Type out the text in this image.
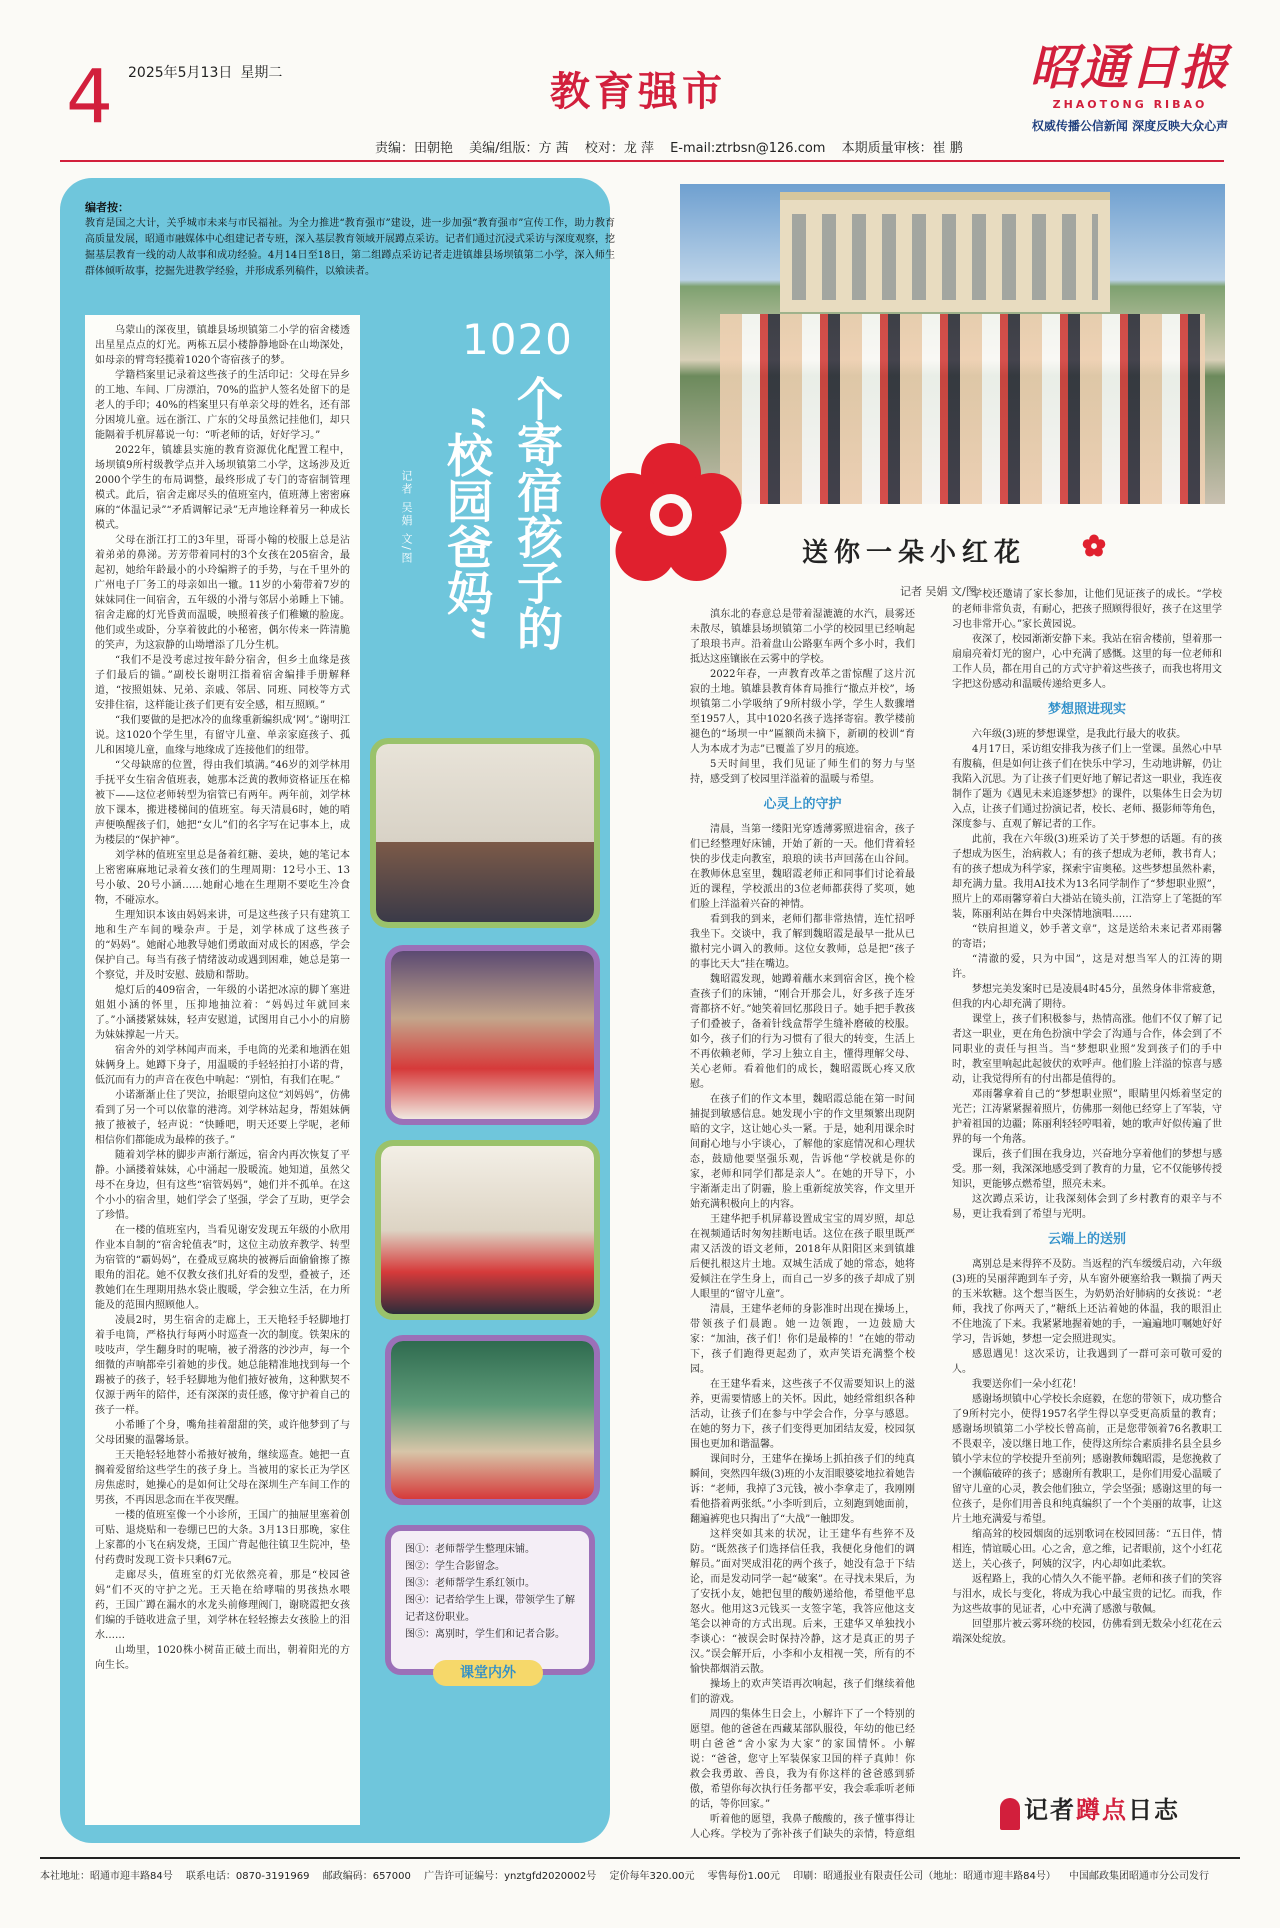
4 2025年5月13日 星期二	教育强市	昭通日报
ZHAOTONG RIBAO
权威传播公信新闻 深度反映大众心声
责编：田朝艳 美编/组版：方 茜 校对：龙 萍 E-mail:ztrbsn@126.com 本期质量审核：崔 鹏
编者按：
教育是国之大计，关乎城市未来与市民福祉。为全力推进“教育强市”建设，进一步加强“教育强市”宣传工作，助力教育高质量发展，昭通市融媒体中心组建记者专班，深入基层教育领域开展蹲点采访。记者们通过沉浸式采访与深度观察，挖掘基层教育一线的动人故事和成功经验。4月14日至18日，第二组蹲点采访记者走进镇雄县场坝镇第二小学，深入师生群体倾听故事，挖掘先进教学经验，并形成系列稿件，以飨读者。

乌蒙山的深夜里，镇雄县场坝镇第二小学的宿舍楼透出星星点点的灯光。两栋五层小楼静静地卧在山坳深处，如母亲的臂弯轻揽着1020个寄宿孩子的梦。

学籍档案里记录着这些孩子的生活印记：父母在异乡的工地、车间、厂房漂泊，70%的监护人签名处留下的是老人的手印；40%的档案里只有单亲父母的姓名，还有部分困境儿童。远在浙江、广东的父母虽然记挂他们，却只能隔着手机屏幕说一句：“听老师的话，好好学习。”

2022年，镇雄县实施的教育资源优化配置工程中，场坝镇9所村级教学点并入场坝镇第二小学，这场涉及近2000个学生的布局调整，最终形成了专门的寄宿制管理模式。此后，宿舍走廊尽头的值班室内，值班薄上密密麻麻的“体温记录”“矛盾调解记录”无声地诠释着另一种成长模式。

父母在浙江打工的3年里，哥哥小翰的校服上总是沾着弟弟的鼻涕。芳芳带着同村的3个女孩在205宿舍，最起初，她给年龄最小的小玲编辫子的手势，与在千里外的广州电子厂务工的母亲如出一辙。11岁的小菊带着7岁的妹妹同住一间宿舍，五年级的小滑与邻居小弟睡上下铺。宿舍走廊的灯光昏黄而温暖，映照着孩子们稚嫩的脸庞。他们或坐或卧，分享着彼此的小秘密，偶尔传来一阵清脆的笑声，为这寂静的山坳增添了几分生机。

“我们不是没考虑过按年龄分宿舍，但乡土血缘是孩子们最后的锚。”副校长谢明江指着宿舍编排手册解释道，“按照姐妹、兄弟、亲戚、邻居、同班、同校等方式安排住宿，这样能让孩子们更有安全感，相互照顾。”

“我们要做的是把冰冷的血缘重新编织成‘网’。”谢明江说。这1020个学生里，有留守儿童、单亲家庭孩子、孤儿和困境儿童，血缘与地缘成了连接他们的纽带。

“父母缺席的位置，得由我们填满。”46岁的刘学林用手抚平女生宿舍值班表，她那本泛黄的教师资格证压在棉被下——这位老师转型为宿管已有两年。两年前，刘学林放下课本，搬进楼梯间的值班室。每天清晨6时，她的哨声便唤醒孩子们，她把“女儿”们的名字写在记事本上，成为楼层的“保护神”。

刘学林的值班室里总是备着红糖、姜块，她的笔记本上密密麻麻地记录着女孩们的生理周期：12号小王、13号小敏、20号小涵……她耐心地在生理期不要吃生冷食物，不碰凉水。

生理知识本该由妈妈来讲，可是这些孩子只有建筑工地和生产车间的噪杂声。于是，刘学林成了这些孩子的“妈妈”。她耐心地教导她们勇敢面对成长的困惑，学会保护自己。每当有孩子情绪波动或遇到困难，她总是第一个察觉，并及时安慰、鼓励和帮助。

熄灯后的409宿舍，一年级的小诺把冰凉的脚丫塞进姐姐小涵的怀里，压抑地抽泣着：“妈妈过年就回来了。”小涵搂紧妹妹，轻声安慰道，试图用自己小小的肩膀为妹妹撑起一片天。

宿舍外的刘学林闻声而来，手电筒的光柔和地洒在姐妹俩身上。她蹲下身子，用温暖的手轻轻拍打小诺的背，低沉而有力的声音在夜色中响起：“别怕，有我们在呢。”

小诺渐渐止住了哭泣，抬眼望向这位“刘妈妈”，仿佛看到了另一个可以依靠的港湾。刘学林站起身，帮姐妹俩掖了掖被子，轻声说：“快睡吧，明天还要上学呢，老师相信你们都能成为最棒的孩子。”

随着刘学林的脚步声渐行渐远，宿舍内再次恢复了平静。小涵搂着妹妹，心中涌起一股暖流。她知道，虽然父母不在身边，但有这些“宿管妈妈”，她们并不孤单。在这个小小的宿舍里，她们学会了坚强，学会了互助，更学会了珍惜。

在一楼的值班室内，当看见谢安发现五年级的小欣用作业本自制的“宿舍轮值表”时，这位主动放弃教学、转型为宿管的“霸妈妈”，在叠成豆腐块的被褥后面偷偷擦了擦眼角的泪花。她不仅教女孩们扎好看的发型，叠被子，还教她们在生理期用热水袋止腹暖，学会独立生活，在力所能及的范围内照顾他人。

凌晨2时，男生宿舍的走廊上，王天艳轻手轻脚地打着手电筒，严格执行每两小时巡查一次的制度。铁架床的吱吱声，学生翻身时的呢喃，被子滑落的沙沙声，每一个细微的声响都牵引着她的步伐。她总能精准地找到每一个踢被子的孩子，轻手轻脚地为他们掖好被角，这种默契不仅源于两年的陪伴，还有深深的责任感，像守护着自己的孩子一样。

小希睡了个身，嘴角挂着甜甜的笑，或许他梦到了与父母团聚的温馨场景。

王天艳轻轻地替小希掖好被角，继续巡查。她把一直搁着爱留给这些学生的孩子身上。当被用的家长正为学区房焦虑时，她操心的是如何让父母在深圳生产车间工作的男孩，不再因思念而在半夜哭醒。

一楼的值班室像一个小诊所，王国广的抽屉里塞着创可贴、退烧贴和一卷绷已巴的大条。3月13日那晚，家住上家都的小飞在病发烧，王国广背起他往镇卫生院冲，垫付药费时发现工资卡只剩67元。

走廊尽头，值班室的灯光依然亮着，那是“校园爸妈”们不灭的守护之光。王天艳在给哮喘的男孩热水喂药，王国广蹲在漏水的水龙头前修理阀门，谢晓霞把女孩们编的手链收进盒子里，刘学林在轻轻擦去女孩脸上的泪水……

山坳里，1020株小树苗正破土而出，朝着阳光的方向生长。

1020
个寄宿孩子的
“校园爸妈”
记者 吴娟 文/图
图①：老师帮学生整理床铺。
图②：学生合影留念。
图③：老师帮学生系红领巾。
图④：记者给学生上课，带领学生了解记者这份职业。
图⑤：离别时，学生们和记者合影。
课堂内外
送你一朵小红花
记者 吴娟 文/图

滇东北的春意总是带着湿漉漉的水汽，晨雾还未散尽，镇雄县场坝镇第二小学的校园里已经响起了琅琅书声。沿着盘山公路驱车两个多小时，我们抵达这座镶嵌在云雾中的学校。

2022年春，一声教育改革之雷惊醒了这片沉寂的土地。镇雄县教育体育局推行“撤点并校”，场坝镇第二小学吸纳了9所村级小学，学生人数骤增至1957人，其中1020名孩子选择寄宿。教学楼前褪色的“场坝一中”匾额尚未摘下，新刷的校训“育人为本成才为志”已覆盖了岁月的痕迹。

5天时间里，我们见证了师生们的努力与坚持，感受到了校园里洋溢着的温暖与希望。

心灵上的守护

清晨，当第一缕阳光穿透薄雾照进宿舍，孩子们已经整理好床铺，开始了新的一天。他们背着轻快的步伐走向教室，琅琅的读书声回荡在山谷间。在教师休息室里，魏昭霞老师正和同事们讨论着最近的课程，学校派出的3位老师都获得了奖项，她们脸上洋溢着兴奋的神情。

看到我的到来，老师们都非常热情，连忙招呼我坐下。交谈中，我了解到魏昭霞是最早一批从已撤村完小调入的教师。这位女教师，总是把“孩子的事比天大”挂在嘴边。

魏昭霞发现，她蹲着蘸水来到宿舍区，挽个检查孩子们的床铺，“刚合开那会儿，好多孩子连牙膏都挤不好。”她笑着回忆那段日子。她手把手教孩子们叠被子，备着针线盒帮学生缝补磨破的校服。如今，孩子们的行为习惯有了很大的转变，生活上不再依赖老师，学习上独立自主，懂得理解父母、关心老师。看着他们的成长，魏昭霞既心疼又欣慰。

在孩子们的作文本里，魏昭霞总能在第一时间捕捉到敏感信息。她发现小宇的作文里频繁出现阴暗的文字，这让她心头一紧。于是，她利用课余时间耐心地与小宇谈心，了解他的家庭情况和心理状态，鼓励他要坚强乐观，告诉他“学校就是你的家，老师和同学们都是亲人”。在她的开导下，小宇渐渐走出了阴霾，脸上重新绽放笑容，作文里开始充满积极向上的内容。

王建华把手机屏幕设置成宝宝的周岁照，却总在视频通话时匆匆挂断电话。这位在孩子眼里既严肃又活泼的语文老师，2018年从阳阳区来到镇雄后便扎根这片土地。双城生活成了她的常态，她将爱倾注在学生身上，而自己一岁多的孩子却成了别人眼里的“留守儿童”。

清晨，王建华老师的身影准时出现在操场上，带领孩子们晨跑。她一边领跑，一边鼓励大家：“加油，孩子们！你们是最棒的！”在她的带动下，孩子们跑得更起劲了，欢声笑语充满整个校园。

在王建华看来，这些孩子不仅需要知识上的滋养，更需要情感上的关怀。因此，她经常组织各种活动，让孩子们在参与中学会合作，分享与感恩。在她的努力下，孩子们变得更加团结友爱，校园氛围也更加和谐温馨。

课间时分，王建华在操场上抓拍孩子们的纯真瞬间，突然四年级(3)班的小友泪眼婆娑地拉着她告诉：“老师，我掉了3元钱，被小李拿走了，我刚刚看他搭着两张纸。”小李听到后，立刻跑到她面前，翻遍裤兜也只掏出了“大战”一触即发。

这样突如其来的状况，让王建华有些猝不及防。“既然孩子们选择信任我，我便化身他们的调解员。”面对哭成泪花的两个孩子，她没有急于下结论，而是发动同学一起“破案”。在寻找未果后，为了安抚小友，她把包里的酸奶递给他，希望他平息怒火。他用这3元钱买一支签字笔，我答应他这支笔会以神奇的方式出现。后来，王建华又单独找小李谈心：“被误会时保持冷静，这才是真正的男子汉。”误会解开后，小李和小友相视一笑，所有的不愉快都烟消云散。

操场上的欢声笑语再次响起，孩子们继续着他们的游戏。

周四的集体生日会上，小解许下了一个特别的愿望。他的爸爸在西藏某部队服役，年幼的他已经明白爸爸“舍小家为大家”的家国情怀。小解说：“爸爸，您守上军装保家卫国的样子真帅！你救会我勇敢、善良，我为有你这样的爸爸感到骄傲，希望你每次执行任务都平安，我会乖乖听老师的话，等你回家。”

听着他的愿望，我鼻子酸酸的，孩子懂事得让人心疼。学校为了弥补孩子们缺失的亲情，特意组

学校还邀请了家长参加，让他们见证孩子的成长。“学校的老师非常负责，有耐心，把孩子照顾得很好，孩子在这里学习也非常开心。”家长黄园说。

夜深了，校园渐渐安静下来。我站在宿舍楼前，望着那一扇扇亮着灯光的窗户，心中充满了感慨。这里的每一位老师和工作人员，都在用自己的方式守护着这些孩子，而我也将用文字把这份感动和温暖传递给更多人。

梦想照进现实

六年级(3)班的梦想课堂，是我此行最大的收获。

4月17日，采访组安排我为孩子们上一堂课。虽然心中早有腹稿，但是如何让孩子们在快乐中学习，生动地讲解，仍让我陷入沉思。为了让孩子们更好地了解记者这一职业，我连夜制作了题为《遇见未来追逐梦想》的课件，以集体生日会为切入点，让孩子们通过扮演记者，校长、老师、摄影师等角色，深度参与、直观了解记者的工作。

此前，我在六年级(3)班采访了关于梦想的话题。有的孩子想成为医生，治病救人；有的孩子想成为老师，教书育人；有的孩子想成为科学家，探索宇宙奥秘。这些梦想虽然朴素，却充满力量。我用AI技术为13名同学制作了“梦想职业照”，照片上的邓雨馨穿着白大褂站在镜头前，江浩穿上了笔挺的军装，陈丽利站在舞台中央深情地演唱……

“铁肩担道义，妙手著文章”，这是送给未来记者邓雨馨的寄语；

“清澈的爱，只为中国”，这是对想当军人的江涛的期许。

梦想完美发案时已是凌晨4时45分，虽然身体非常疲惫，但我的内心却充满了期待。

课堂上，孩子们积极参与，热情高涨。他们不仅了解了记者这一职业，更在角色扮演中学会了沟通与合作，体会到了不同职业的责任与担当。当“梦想职业照”发到孩子们的手中时，教室里响起此起彼伏的欢呼声。他们脸上洋溢的惊喜与感动，让我觉得所有的付出都是值得的。

邓雨馨拿着自己的“梦想职业照”，眼睛里闪烁着坚定的光芒；江涛紧紧握着照片，仿佛那一刻他已经穿上了军装，守护着祖国的边疆；陈丽利轻轻哼唱着，她的歌声好似传遍了世界的每一个角落。

课后，孩子们围在我身边，兴奋地分享着他们的梦想与感受。那一刻，我深深地感受到了教育的力量，它不仅能够传授知识，更能够点燃希望，照亮未来。

这次蹲点采访，让我深刻体会到了乡村教育的艰辛与不易，更让我看到了希望与光明。

云端上的送别

离别总是来得猝不及防。当返程的汽车缓缓启动，六年级(3)班的吴丽萍跑到车子旁，从车窗外硬塞给我一颗揣了两天的玉米软糖。这个想当医生，为奶奶治好肺病的女孩说：“老师，我找了你两天了，”糖纸上还沾着她的体温，我的眼泪止不住地流了下来。我紧紧地握着她的手，一遍遍地叮嘱她好好学习，告诉她，梦想一定会照进现实。

感恩遇见！这次采访，让我遇到了一群可亲可敬可爱的人。

我要送你们一朵小红花！

感谢场坝镇中心学校长余庭毅，在您的带领下，成功整合了9所村完小，使得1957名学生得以享受更高质量的教育；感谢场坝镇第二小学校长曾高前，正是您带领着76名教职工不畏艰辛，凌以继日地工作，使得这所综合素质排名县全县乡镇小学末位的学校提升至前列；感谢教师魏昭霞，是您挽救了一个濒临破碎的孩子；感谢所有教职工，是你们用爱心温暖了留守儿童的心灵，教会他们独立，学会坚强；感谢这里的每一位孩子，是你们用善良和纯真编织了一个个美丽的故事，让这片土地充满爱与希望。

缩高耸的校园烟囱的远别歌词在校园回荡：“五日伴，情相连，情谊暖心田。心之舍，意之维，记者眼前，这个小红花送上，关心孩子，阿姨的汉字，内心却如此柔软。

返程路上，我的心情久久不能平静。老师和孩子们的笑容与泪水，成长与变化，将成为我心中最宝贵的记忆。而我，作为这些故事的见证者，心中充满了感激与敬佩。

回望那片被云雾环绕的校园，仿佛看到无数朵小红花在云端深处绽放。

记者蹲点日志
本社地址：昭通市迎丰路84号 联系电话：0870-3191969 邮政编码：657000 广告许可证编号：ynztgfd2020002号 定价每年320.00元 零售每份1.00元 印刷：昭通报业有限责任公司（地址：昭通市迎丰路84号） 中国邮政集团昭通市分公司发行
